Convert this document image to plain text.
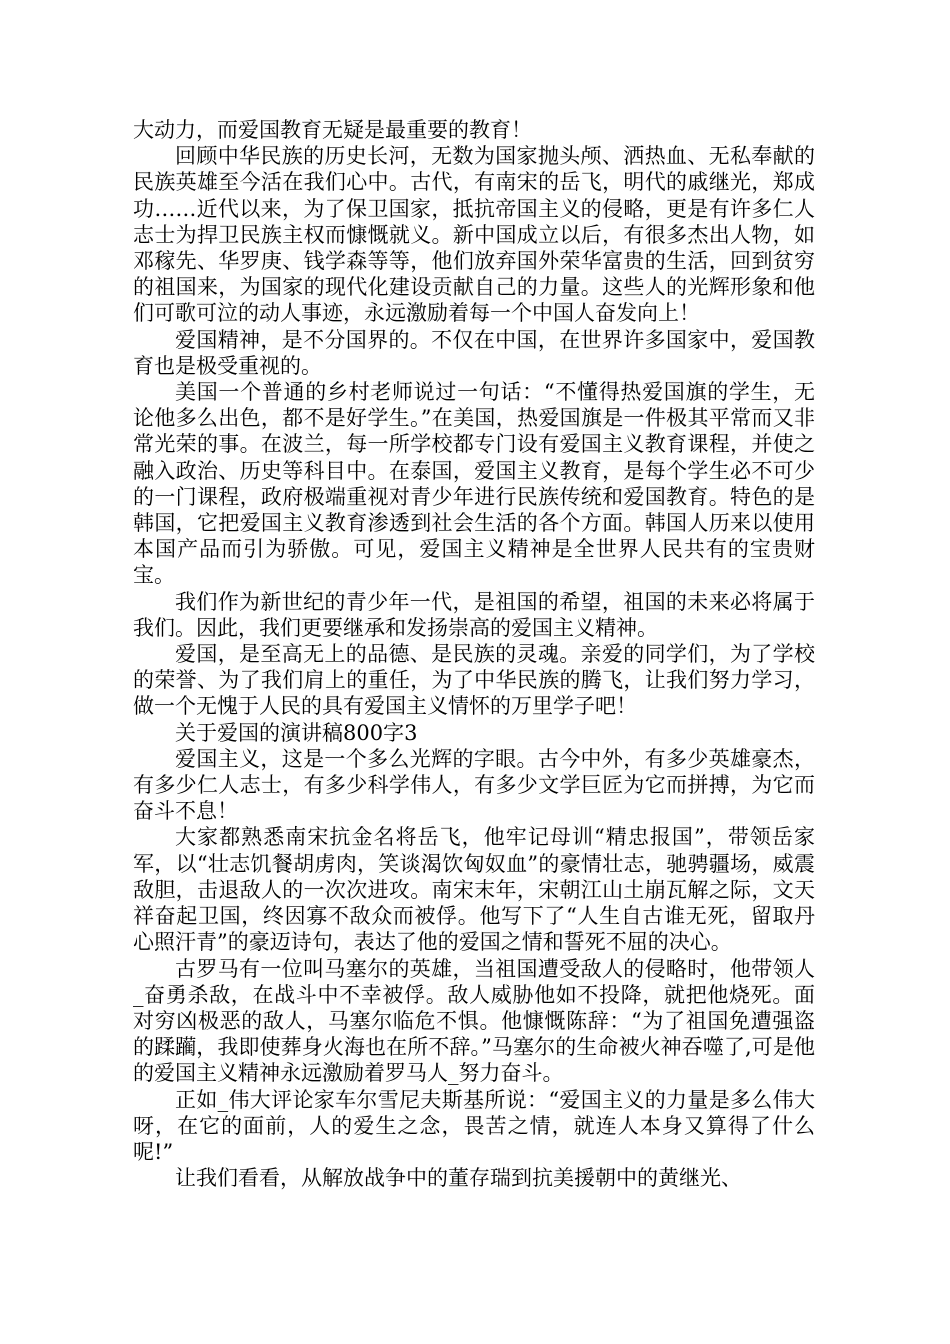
大动力，而爱国教育无疑是最重要的教育！

回顾中华民族的历史长河，无数为国家抛头颅、洒热血、无私奉献的民族英雄至今活在我们心中。古代，有南宋的岳飞，明代的戚继光，郑成功……近代以来，为了保卫国家，抵抗帝国主义的侵略，更是有许多仁人志士为捍卫民族主权而慷慨就义。新中国成立以后，有很多杰出人物，如邓稼先、华罗庚、钱学森等等，他们放弃国外荣华富贵的生活，回到贫穷的祖国来，为国家的现代化建设贡献自己的力量。这些人的光辉形象和他们可歌可泣的动人事迹，永远激励着每一个中国人奋发向上！

爱国精神，是不分国界的。不仅在中国，在世界许多国家中，爱国教育也是极受重视的。

美国一个普通的乡村老师说过一句话：“不懂得热爱国旗的学生，无论他多么出色，都不是好学生。”在美国，热爱国旗是一件极其平常而又非常光荣的事。在波兰，每一所学校都专门设有爱国主义教育课程，并使之融入政治、历史等科目中。在泰国，爱国主义教育，是每个学生必不可少的一门课程，政府极端重视对青少年进行民族传统和爱国教育。特色的是韩国，它把爱国主义教育渗透到社会生活的各个方面。韩国人历来以使用本国产品而引为骄傲。可见，爱国主义精神是全世界人民共有的宝贵财宝。

我们作为新世纪的青少年一代，是祖国的希望，祖国的未来必将属于我们。因此，我们更要继承和发扬崇高的爱国主义精神。

爱国，是至高无上的品德、是民族的灵魂。亲爱的同学们，为了学校的荣誉、为了我们肩上的重任，为了中华民族的腾飞，让我们努力学习，做一个无愧于人民的具有爱国主义情怀的万里学子吧！

关于爱国的演讲稿800字3

爱国主义，这是一个多么光辉的字眼。古今中外，有多少英雄豪杰，有多少仁人志士，有多少科学伟人，有多少文学巨匠为它而拼搏，为它而奋斗不息！

大家都熟悉南宋抗金名将岳飞，他牢记母训“精忠报国”，带领岳家军，以“壮志饥餐胡虏肉，笑谈渴饮匈奴血”的豪情壮志，驰骋疆场，威震敌胆，击退敌人的一次次进攻。南宋末年，宋朝江山土崩瓦解之际，文天祥奋起卫国，终因寡不敌众而被俘。他写下了“人生自古谁无死，留取丹心照汗青”的豪迈诗句，表达了他的爱国之情和誓死不屈的决心。

古罗马有一位叫马塞尔的英雄，当祖国遭受敌人的侵略时，他带领人_奋勇杀敌，在战斗中不幸被俘。敌人威胁他如不投降，就把他烧死。面对穷凶极恶的敌人，马塞尔临危不惧。他慷慨陈辞：“为了祖国免遭强盗的蹂躏，我即使葬身火海也在所不辞。”马塞尔的生命被火神吞噬了,可是他的爱国主义精神永远激励着罗马人_努力奋斗。

正如_伟大评论家车尔雪尼夫斯基所说：“爱国主义的力量是多么伟大呀，在它的面前，人的爱生之念，畏苦之情，就连人本身又算得了什么呢!”

让我们看看，从解放战争中的董存瑞到抗美援朝中的黄继光、
